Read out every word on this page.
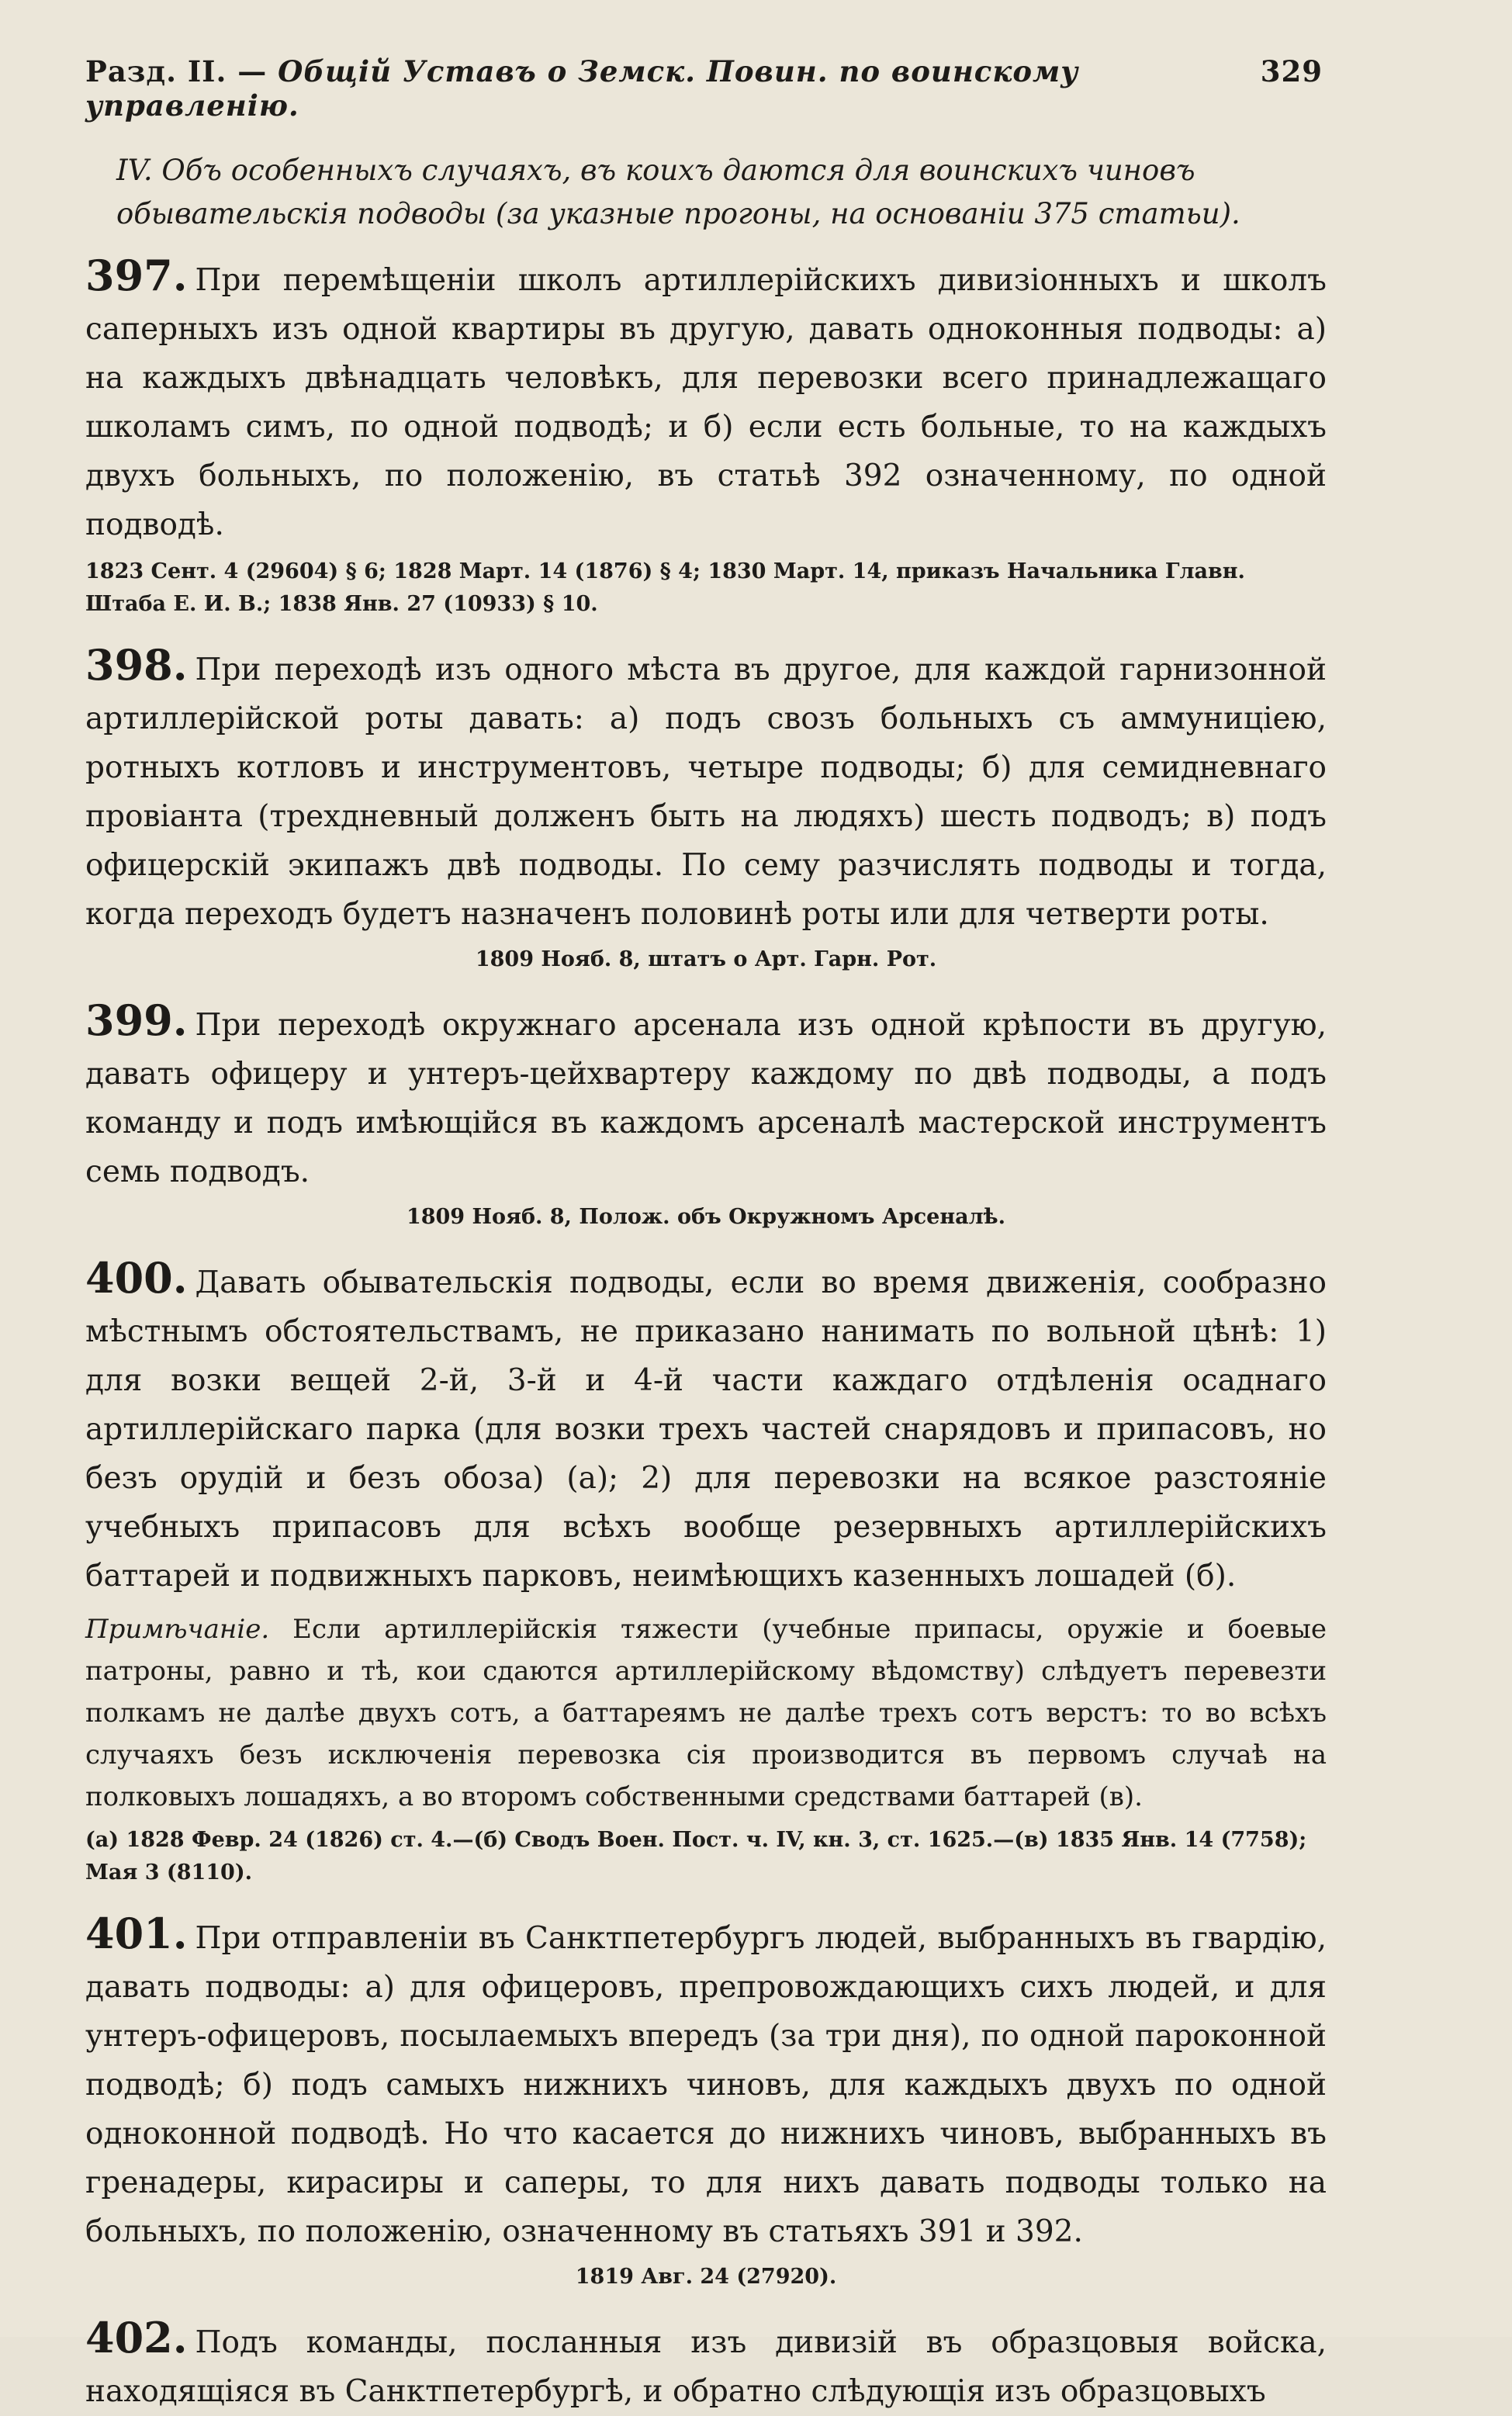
Разд. II. — Общій Уставъ о Земск. Повин. по воинскому управленію.
329
IV. Объ особенныхъ случаяхъ, въ коихъ даются для воинскихъ чиновъ обывательскія подводы (за указные прогоны, на основаніи 375 статьи).

397. При перемѣщеніи школъ артиллерійскихъ дивизіонныхъ и школъ саперныхъ изъ одной квартиры въ другую, давать одноконныя подводы: а) на каждыхъ двѣнадцать человѣкъ, для перевозки всего принадлежащаго школамъ симъ, по одной подводѣ; и б) если есть больные, то на каждыхъ двухъ больныхъ, по положенію, въ статьѣ 392 означенному, по одной подводѣ.

1823 Сент. 4 (29604) § 6; 1828 Март. 14 (1876) § 4; 1830 Март. 14, приказъ Начальника Главн. Штаба Е. И. В.; 1838 Янв. 27 (10933) § 10.

398. При переходѣ изъ одного мѣста въ другое, для каждой гарнизонной артиллерійской роты давать: а) подъ свозъ больныхъ съ аммуниціею, ротныхъ котловъ и инструментовъ, четыре подводы; б) для семидневнаго провіанта (трехдневный долженъ быть на людяхъ) шесть подводъ; в) подъ офицерскій экипажъ двѣ подводы. По сему разчислять подводы и тогда, когда переходъ будетъ назначенъ половинѣ роты или для четверти роты.

1809 Нояб. 8, штатъ о Арт. Гарн. Рот.

399. При переходѣ окружнаго арсенала изъ одной крѣпости въ другую, давать офицеру и унтеръ-цейхвартеру каждому по двѣ подводы, а подъ команду и подъ имѣющійся въ каждомъ арсеналѣ мастерской инструментъ семь подводъ.

1809 Нояб. 8, Полож. объ Окружномъ Арсеналѣ.

400. Давать обывательскія подводы, если во время движенія, сообразно мѣстнымъ обстоятельствамъ, не приказано нанимать по вольной цѣнѣ: 1) для возки вещей 2-й, 3-й и 4-й части каждаго отдѣленія осаднаго артиллерійскаго парка (для возки трехъ частей снарядовъ и припасовъ, но безъ орудій и безъ обоза) (а); 2) для перевозки на всякое разстояніе учебныхъ припасовъ для всѣхъ вообще резервныхъ артиллерійскихъ баттарей и подвижныхъ парковъ, неимѣющихъ казенныхъ лошадей (б).

Примѣчаніе. Если артиллерійскія тяжести (учебные припасы, оружіе и боевые патроны, равно и тѣ, кои сдаются артиллерійскому вѣдомству) слѣдуетъ перевезти полкамъ не далѣе двухъ сотъ, а баттареямъ не далѣе трехъ сотъ верстъ: то во всѣхъ случаяхъ безъ исключенія перевозка сія производится въ первомъ случаѣ на полковыхъ лошадяхъ, а во второмъ собственными средствами баттарей (в).

(а) 1828 Февр. 24 (1826) ст. 4.—(б) Сводъ Воен. Пост. ч. IV, кн. 3, ст. 1625.—(в) 1835 Янв. 14 (7758); Мая 3 (8110).

401. При отправленіи въ Санктпетербургъ людей, выбранныхъ въ гвардію, давать подводы: а) для офицеровъ, препровождающихъ сихъ людей, и для унтеръ-офицеровъ, посылаемыхъ впередъ (за три дня), по одной пароконной подводѣ; б) подъ самыхъ нижнихъ чиновъ, для каждыхъ двухъ по одной одноконной подводѣ. Но что касается до нижнихъ чиновъ, выбранныхъ въ гренадеры, кирасиры и саперы, то для нихъ давать подводы только на больныхъ, по положенію, означенному въ статьяхъ 391 и 392.

1819 Авг. 24 (27920).

402. Подъ команды, посланныя изъ дивизій въ образцовыя войска, находящіяся въ Санктпетербургѣ, и обратно слѣдующія изъ образцовыхъ
